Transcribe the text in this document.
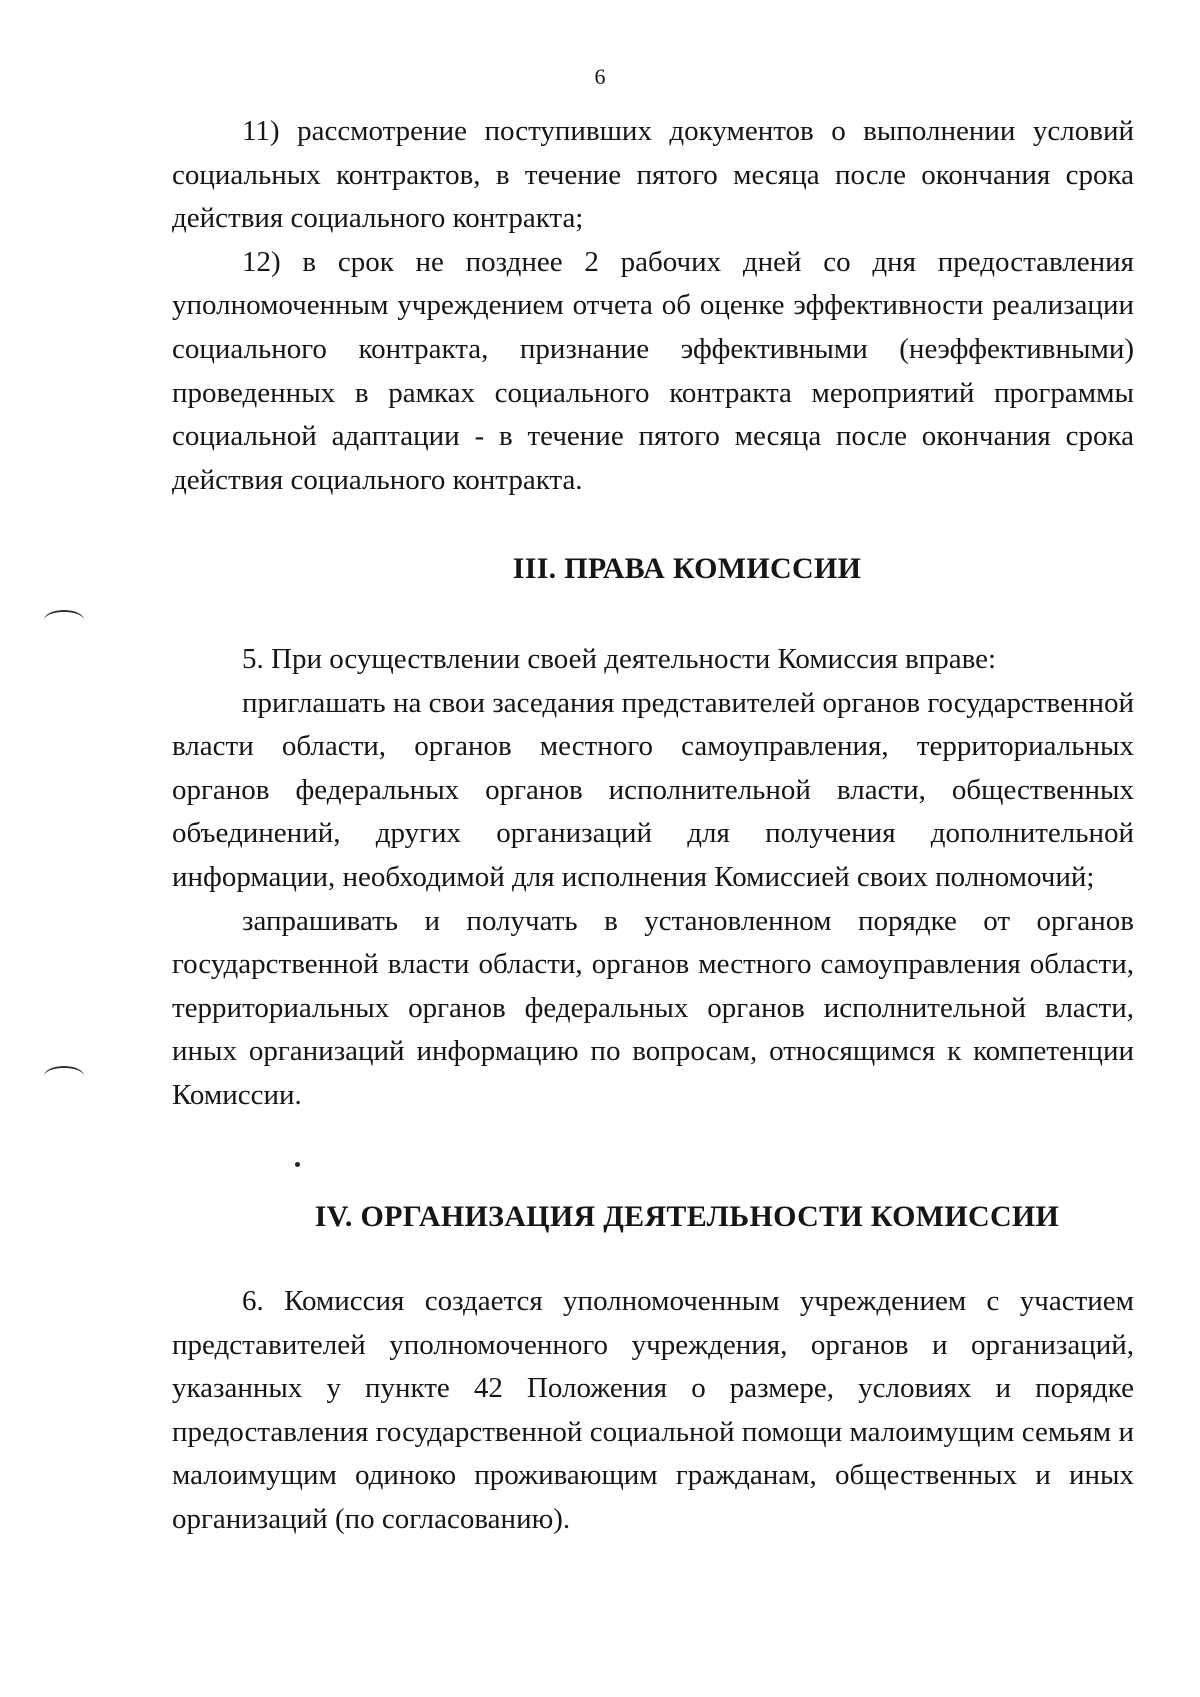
6

11) рассмотрение поступивших документов о выполнении условий социальных контрактов, в течение пятого месяца после окончания срока действия социального контракта;

12) в срок не позднее 2 рабочих дней со дня предоставления уполномоченным учреждением отчета об оценке эффективности реализации социального контракта, признание эффективными (неэффективными) проведенных в рамках социального контракта мероприятий программы социальной адаптации - в течение пятого месяца после окончания срока действия социального контракта.

III. ПРАВА КОМИССИИ

5. При осуществлении своей деятельности Комиссия вправе:

приглашать на свои заседания представителей органов государственной власти области, органов местного самоуправления, территориальных органов федеральных органов исполнительной власти, общественных объединений, других организаций для получения дополнительной информации, необходимой для исполнения Комиссией своих полномочий;

запрашивать и получать в установленном порядке от органов государственной власти области, органов местного самоуправления области, территориальных органов федеральных органов исполнительной власти, иных организаций информацию по вопросам, относящимся к компетенции Комиссии.

IV. ОРГАНИЗАЦИЯ ДЕЯТЕЛЬНОСТИ КОМИССИИ

6. Комиссия создается уполномоченным учреждением с участием представителей уполномоченного учреждения, органов и организаций, указанных у пункте 42 Положения о размере, условиях и порядке предоставления государственной социальной помощи малоимущим семьям и малоимущим одиноко проживающим гражданам, общественных и иных организаций (по согласованию).
